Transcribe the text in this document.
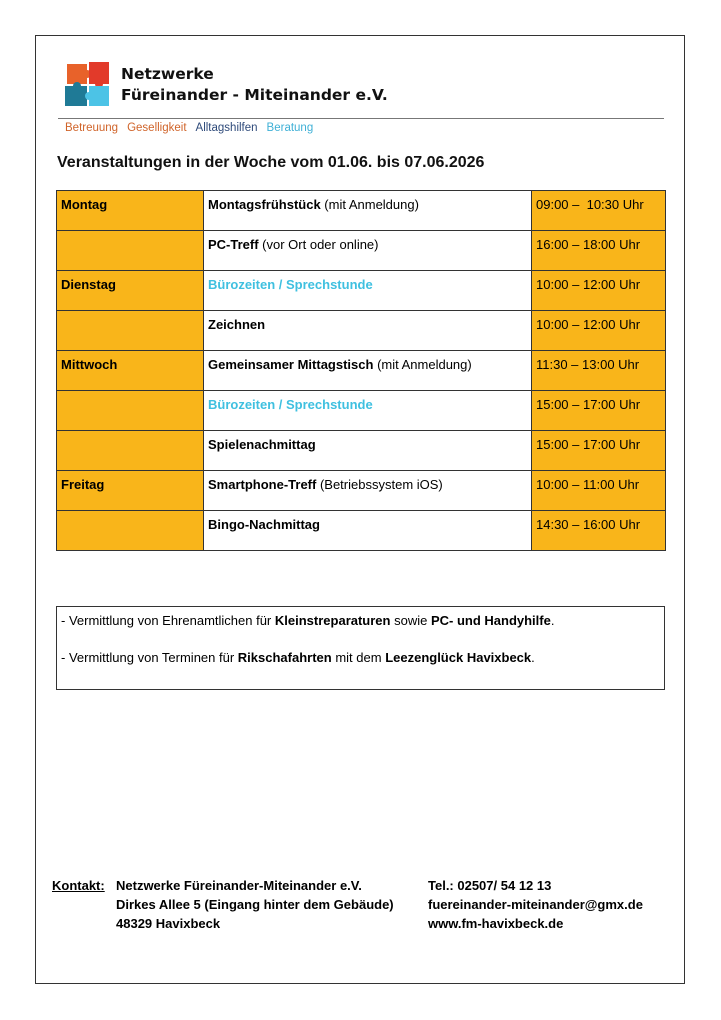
Netzwerke
Füreinander - Miteinander e.V.
Betreuung Geselligkeit Alltagshilfen Beratung
Veranstaltungen in der Woche vom 01.06. bis 07.06.2026
Montag	Montagsfrühstück (mit Anmeldung)	09:00 –  10:30 Uhr
	PC-Treff (vor Ort oder online)	16:00 – 18:00 Uhr
Dienstag	Bürozeiten / Sprechstunde	10:00 – 12:00 Uhr
	Zeichnen	10:00 – 12:00 Uhr
Mittwoch	Gemeinsamer Mittagstisch (mit Anmeldung)	11:30 – 13:00 Uhr
	Bürozeiten / Sprechstunde	15:00 – 17:00 Uhr
	Spielenachmittag	15:00 – 17:00 Uhr
Freitag	Smartphone-Treff (Betriebssystem iOS)	10:00 – 11:00 Uhr
	Bingo-Nachmittag	14:30 – 16:00 Uhr

- Vermittlung von Ehrenamtlichen für Kleinstreparaturen sowie PC- und Handyhilfe.

- Vermittlung von Terminen für Rikschafahrten mit dem Leezenglück Havixbeck.

Kontakt: Netzwerke Füreinander-Miteinander e.V.
Dirkes Allee 5 (Eingang hinter dem Gebäude)
48329 Havixbeck
Tel.: 02507/ 54 12 13
fuereinander-miteinander@gmx.de
www.fm-havixbeck.de
